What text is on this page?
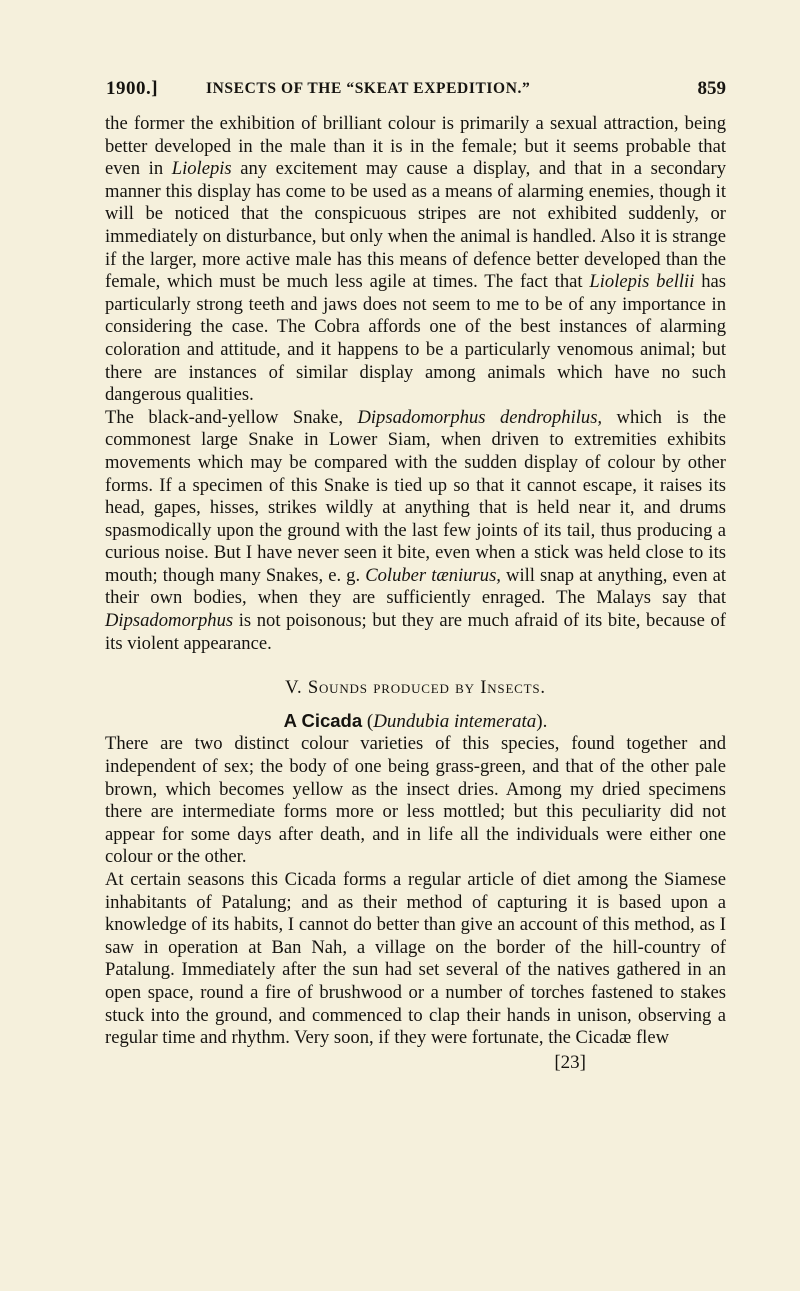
1900.]	INSECTS OF THE “SKEAT EXPEDITION.”	859

the former the exhibition of brilliant colour is primarily a sexual attraction, being better developed in the male than it is in the female; but it seems probable that even in Liolepis any excitement may cause a display, and that in a secondary manner this display has come to be used as a means of alarming enemies, though it will be noticed that the conspicuous stripes are not exhibited suddenly, or immediately on disturbance, but only when the animal is handled. Also it is strange if the larger, more active male has this means of defence better developed than the female, which must be much less agile at times. The fact that Liolepis bellii has particularly strong teeth and jaws does not seem to me to be of any importance in considering the case. The Cobra affords one of the best instances of alarming coloration and attitude, and it happens to be a particularly venomous animal; but there are instances of similar display among animals which have no such dangerous qualities.

The black-and-yellow Snake, Dipsadomorphus dendrophilus, which is the commonest large Snake in Lower Siam, when driven to extremities exhibits movements which may be compared with the sudden display of colour by other forms. If a specimen of this Snake is tied up so that it cannot escape, it raises its head, gapes, hisses, strikes wildly at anything that is held near it, and drums spasmodically upon the ground with the last few joints of its tail, thus producing a curious noise. But I have never seen it bite, even when a stick was held close to its mouth; though many Snakes, e. g. Coluber tæniurus, will snap at anything, even at their own bodies, when they are sufficiently enraged. The Malays say that Dipsadomorphus is not poisonous; but they are much afraid of its bite, because of its violent appearance.

V. Sounds produced by Insects.
A Cicada (Dundubia intemerata).

There are two distinct colour varieties of this species, found together and independent of sex; the body of one being grass-green, and that of the other pale brown, which becomes yellow as the insect dries. Among my dried specimens there are intermediate forms more or less mottled; but this peculiarity did not appear for some days after death, and in life all the individuals were either one colour or the other.

At certain seasons this Cicada forms a regular article of diet among the Siamese inhabitants of Patalung; and as their method of capturing it is based upon a knowledge of its habits, I cannot do better than give an account of this method, as I saw in operation at Ban Nah, a village on the border of the hill-country of Patalung. Immediately after the sun had set several of the natives gathered in an open space, round a fire of brushwood or a number of torches fastened to stakes stuck into the ground, and commenced to clap their hands in unison, observing a regular time and rhythm. Very soon, if they were fortunate, the Cicadæ flew

[23]
